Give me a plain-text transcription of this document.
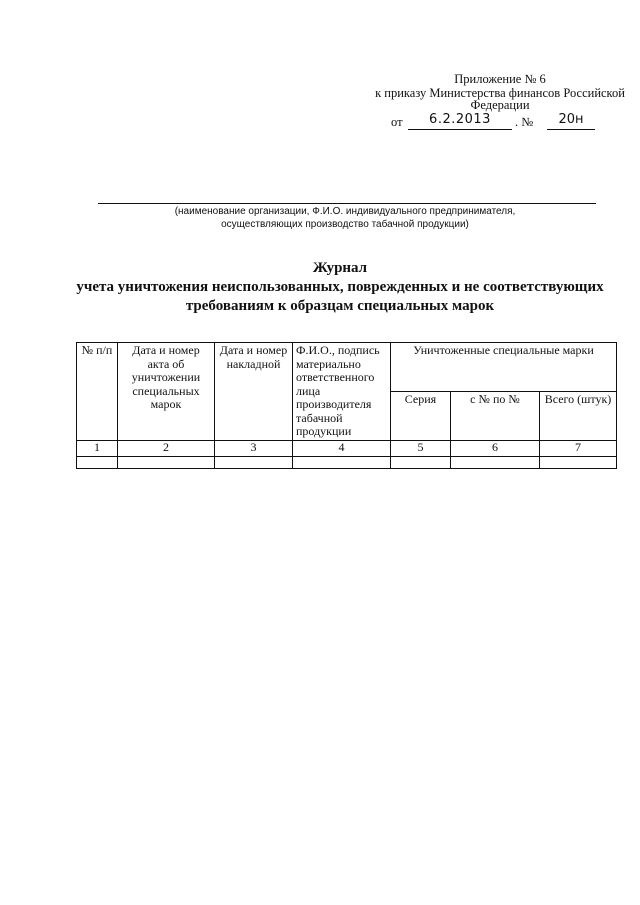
Приложение № 6
к приказу Министерства финансов Российской
Федерации
от	6.2.2013	. №	20н
(наименование организации, Ф.И.О. индивидуального предпринимателя,
осуществляющих производство табачной продукции)
Журнал
учета уничтожения неиспользованных, поврежденных и не соответствующих
требованиям к образцам специальных марок
№ п/п	Дата и номер акта об уничтожении специальных марок	Дата и номер накладной	Ф.И.О., подпись материально ответственного лица производителя табачной продукции	Уничтоженные специальные марки		
				Серия	с № по №	Всего (штук)
1	2	3	4	5	6	7
